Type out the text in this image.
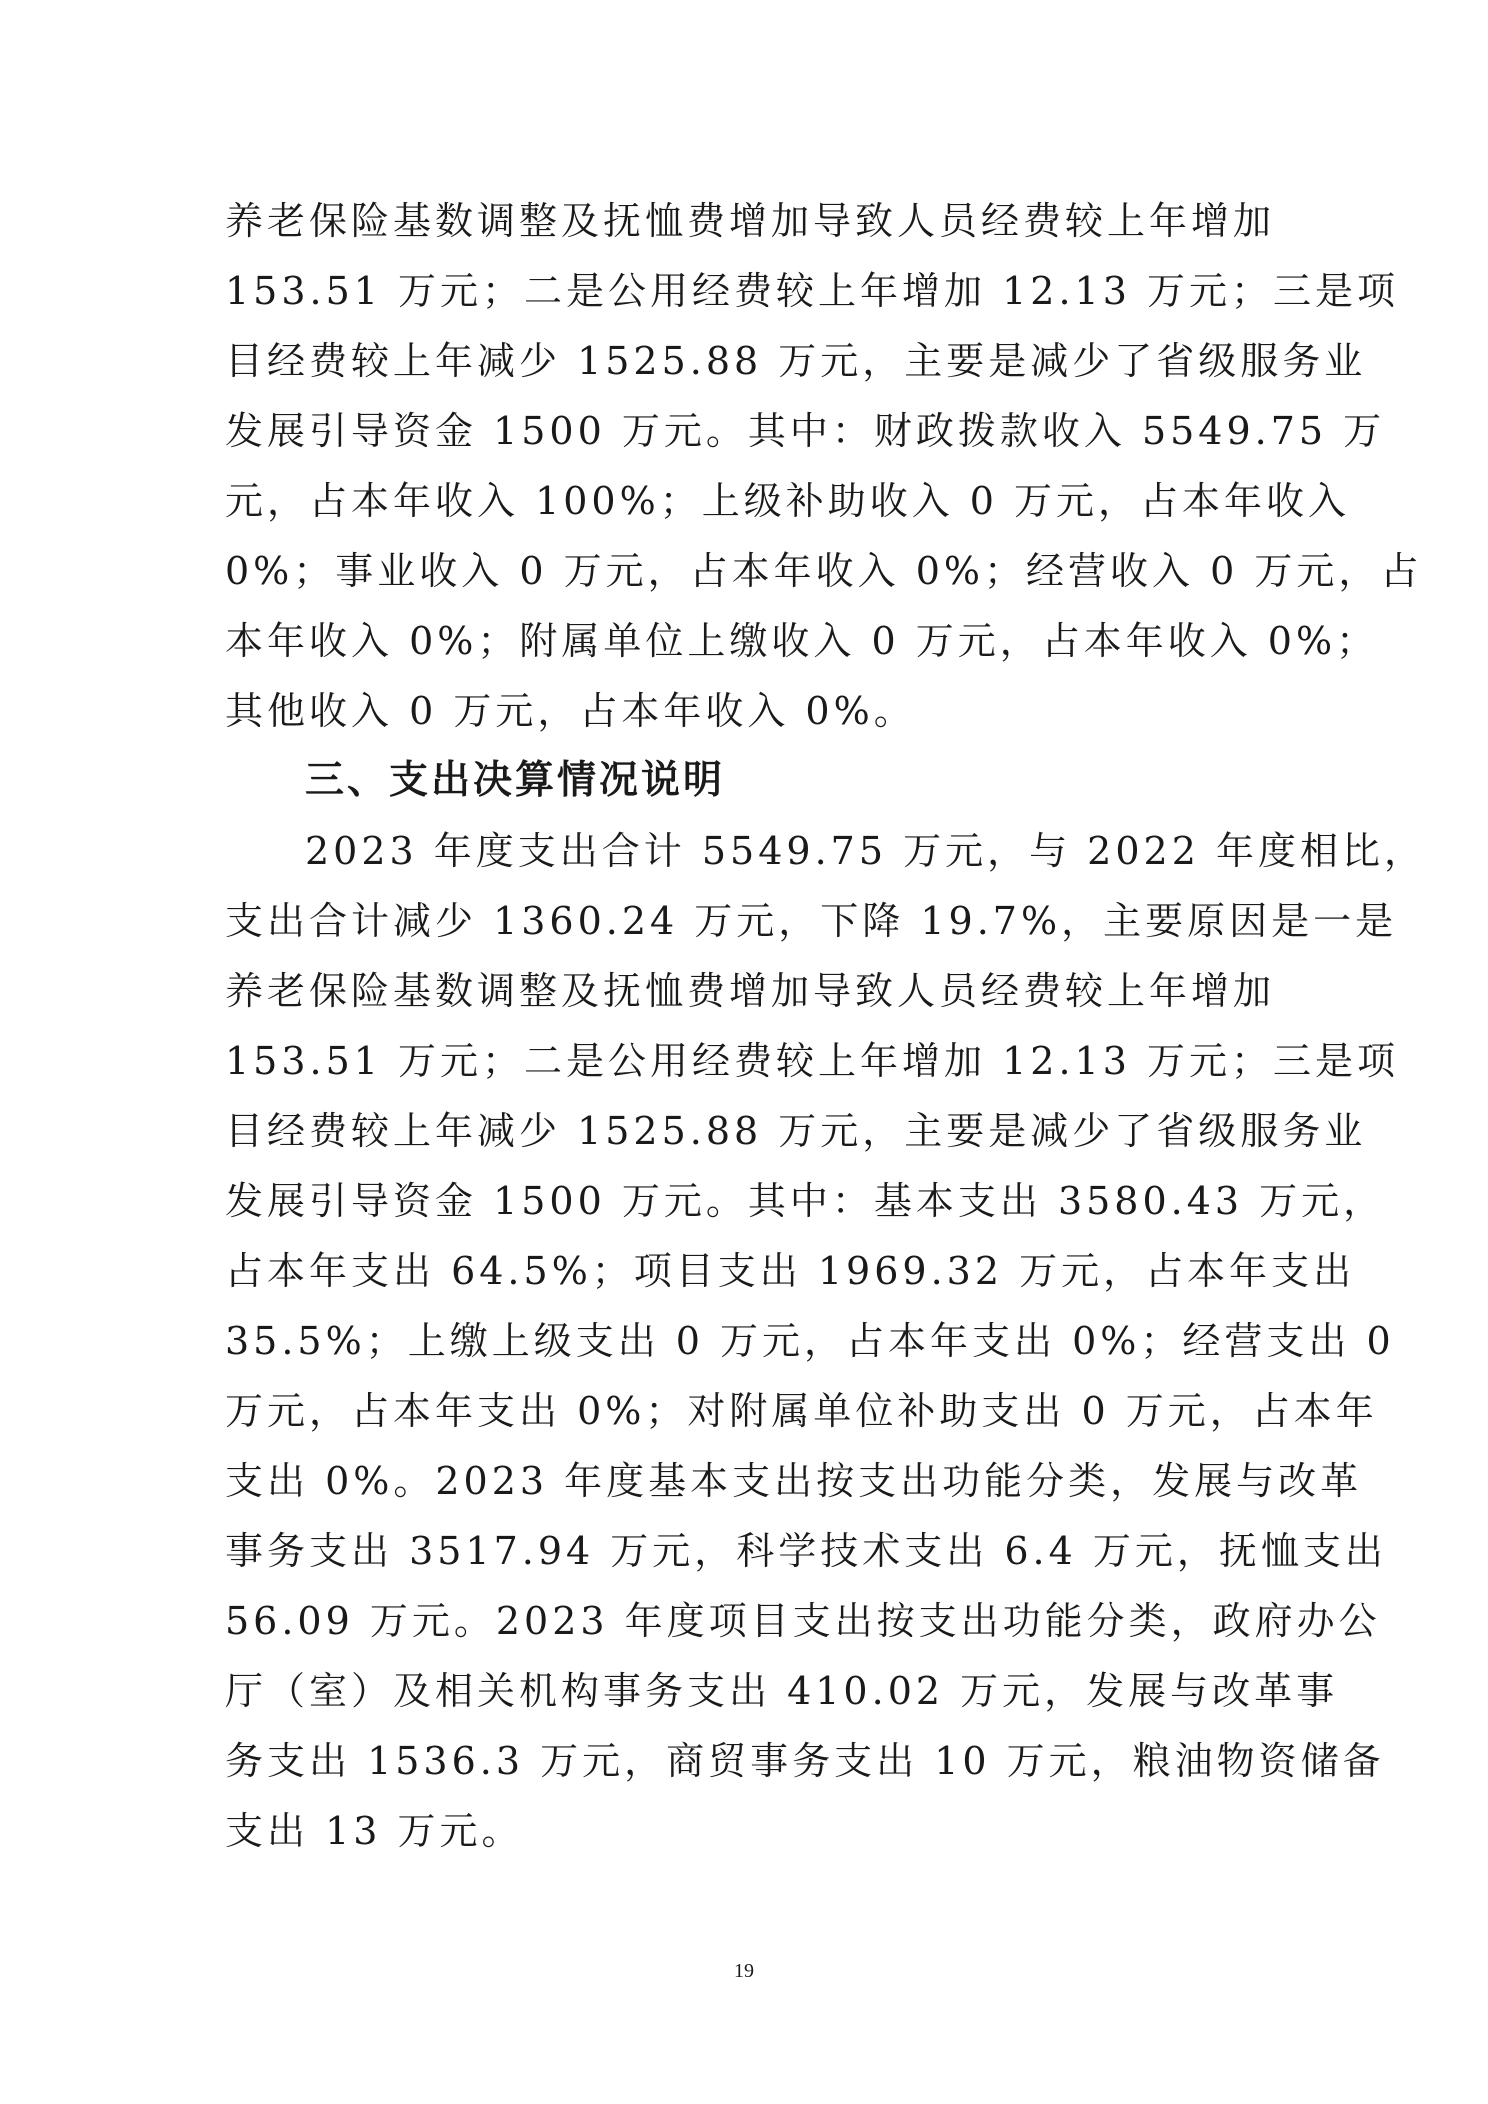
养老保险基数调整及抚恤费增加导致人员经费较上年增加
153.51 万元；二是公用经费较上年增加 12.13 万元；三是项
目经费较上年减少 1525.88 万元，主要是减少了省级服务业
发展引导资金 1500 万元。其中：财政拨款收入 5549.75 万
元，占本年收入 100%；上级补助收入 0 万元，占本年收入
0%；事业收入 0 万元，占本年收入 0%；经营收入 0 万元，占
本年收入 0%；附属单位上缴收入 0 万元，占本年收入 0%；
其他收入 0 万元，占本年收入 0%。
三、支出决算情况说明
2023 年度支出合计 5549.75 万元，与 2022 年度相比，
支出合计减少 1360.24 万元，下降 19.7%，主要原因是一是
养老保险基数调整及抚恤费增加导致人员经费较上年增加
153.51 万元；二是公用经费较上年增加 12.13 万元；三是项
目经费较上年减少 1525.88 万元，主要是减少了省级服务业
发展引导资金 1500 万元。其中：基本支出 3580.43 万元，
占本年支出 64.5%；项目支出 1969.32 万元，占本年支出
35.5%；上缴上级支出 0 万元，占本年支出 0%；经营支出 0
万元，占本年支出 0%；对附属单位补助支出 0 万元，占本年
支出 0%。2023 年度基本支出按支出功能分类，发展与改革
事务支出 3517.94 万元，科学技术支出 6.4 万元，抚恤支出
56.09 万元。2023 年度项目支出按支出功能分类，政府办公
厅（室）及相关机构事务支出 410.02 万元，发展与改革事
务支出 1536.3 万元，商贸事务支出 10 万元，粮油物资储备
支出 13 万元。
19
